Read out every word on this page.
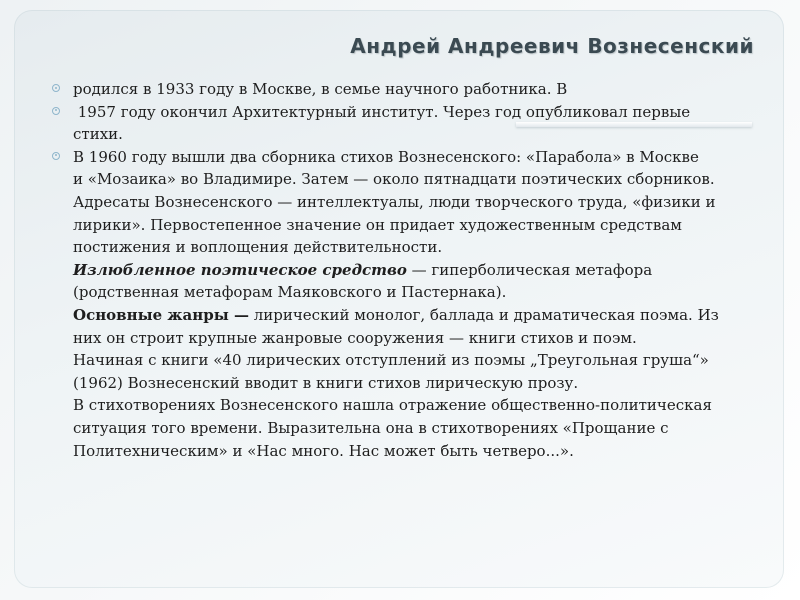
Андрей Андреевич Вознесенский

родился в 1933 году в Москве, в семье научного работника. В

1957 году окончил Архитектурный институт. Через год опубликовал первые
стихи.

В 1960 году вышли два сборника стихов Вознесенского: «Парабола» в Москве
и «Мозаика» во Владимире. Затем — около пятнадцати поэтических сборников.
Адресаты Вознесенского — интеллектуалы, люди творческого труда, «физики и
лирики». Первостепенное значение он придает художественным средствам
постижения и воплощения действительности.
Излюбленное поэтическое средство — гиперболическая метафора
(родственная метафорам Маяковского и Пастернака).
Основные жанры — лирический монолог, баллада и драматическая поэма. Из
них он строит крупные жанровые сооружения — книги стихов и поэм.
Начиная с книги «40 лирических отступлений из поэмы „Треугольная груша“»
(1962) Вознесенский вводит в книги стихов лирическую прозу.
В стихотворениях Вознесенского нашла отражение общественно-политическая
ситуация того времени. Выразительна она в стихотворениях «Прощание с
Политехническим» и «Нас много. Нас может быть четверо...».
